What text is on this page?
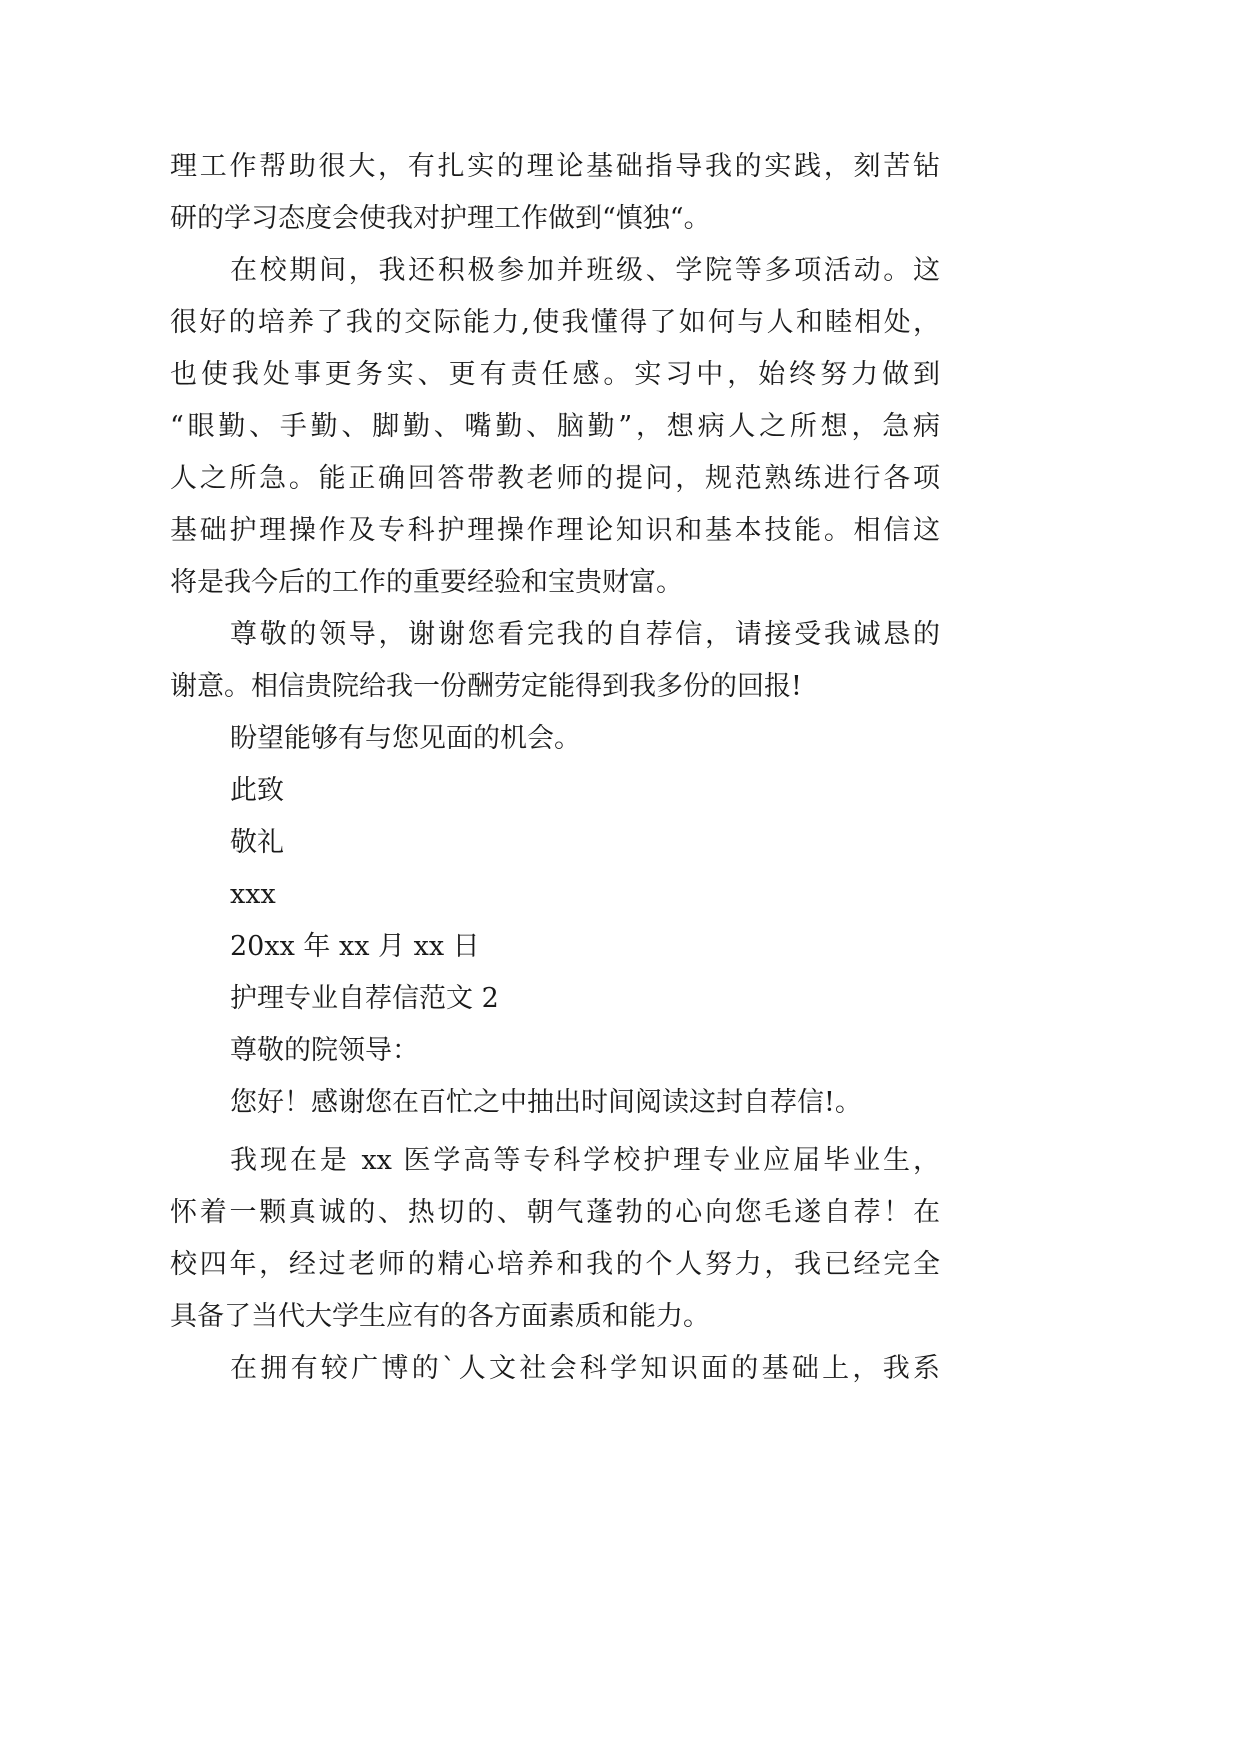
理工作帮助很大，有扎实的理论基础指导我的实践，刻苦钻
研的学习态度会使我对护理工作做到“慎独“。
在校期间，我还积极参加并班级、学院等多项活动。这
很好的培养了我的交际能力,使我懂得了如何与人和睦相处，
也使我处事更务实、更有责任感。实习中，始终努力做到
“眼勤、手勤、脚勤、嘴勤、脑勤”，想病人之所想，急病
人之所急。能正确回答带教老师的提问，规范熟练进行各项
基础护理操作及专科护理操作理论知识和基本技能。相信这
将是我今后的工作的重要经验和宝贵财富。
尊敬的领导，谢谢您看完我的自荐信，请接受我诚恳的
谢意。相信贵院给我一份酬劳定能得到我多份的回报!
盼望能够有与您见面的机会。
此致
敬礼
xxx
20xx 年 xx 月 xx 日
护理专业自荐信范文 2
尊敬的院领导：
您好！感谢您在百忙之中抽出时间阅读这封自荐信!。
我现在是 xx 医学高等专科学校护理专业应届毕业生，
怀着一颗真诚的、热切的、朝气蓬勃的心向您毛遂自荐！在
校四年，经过老师的精心培养和我的个人努力，我已经完全
具备了当代大学生应有的各方面素质和能力。
在拥有较广博的`人文社会科学知识面的基础上，我系
